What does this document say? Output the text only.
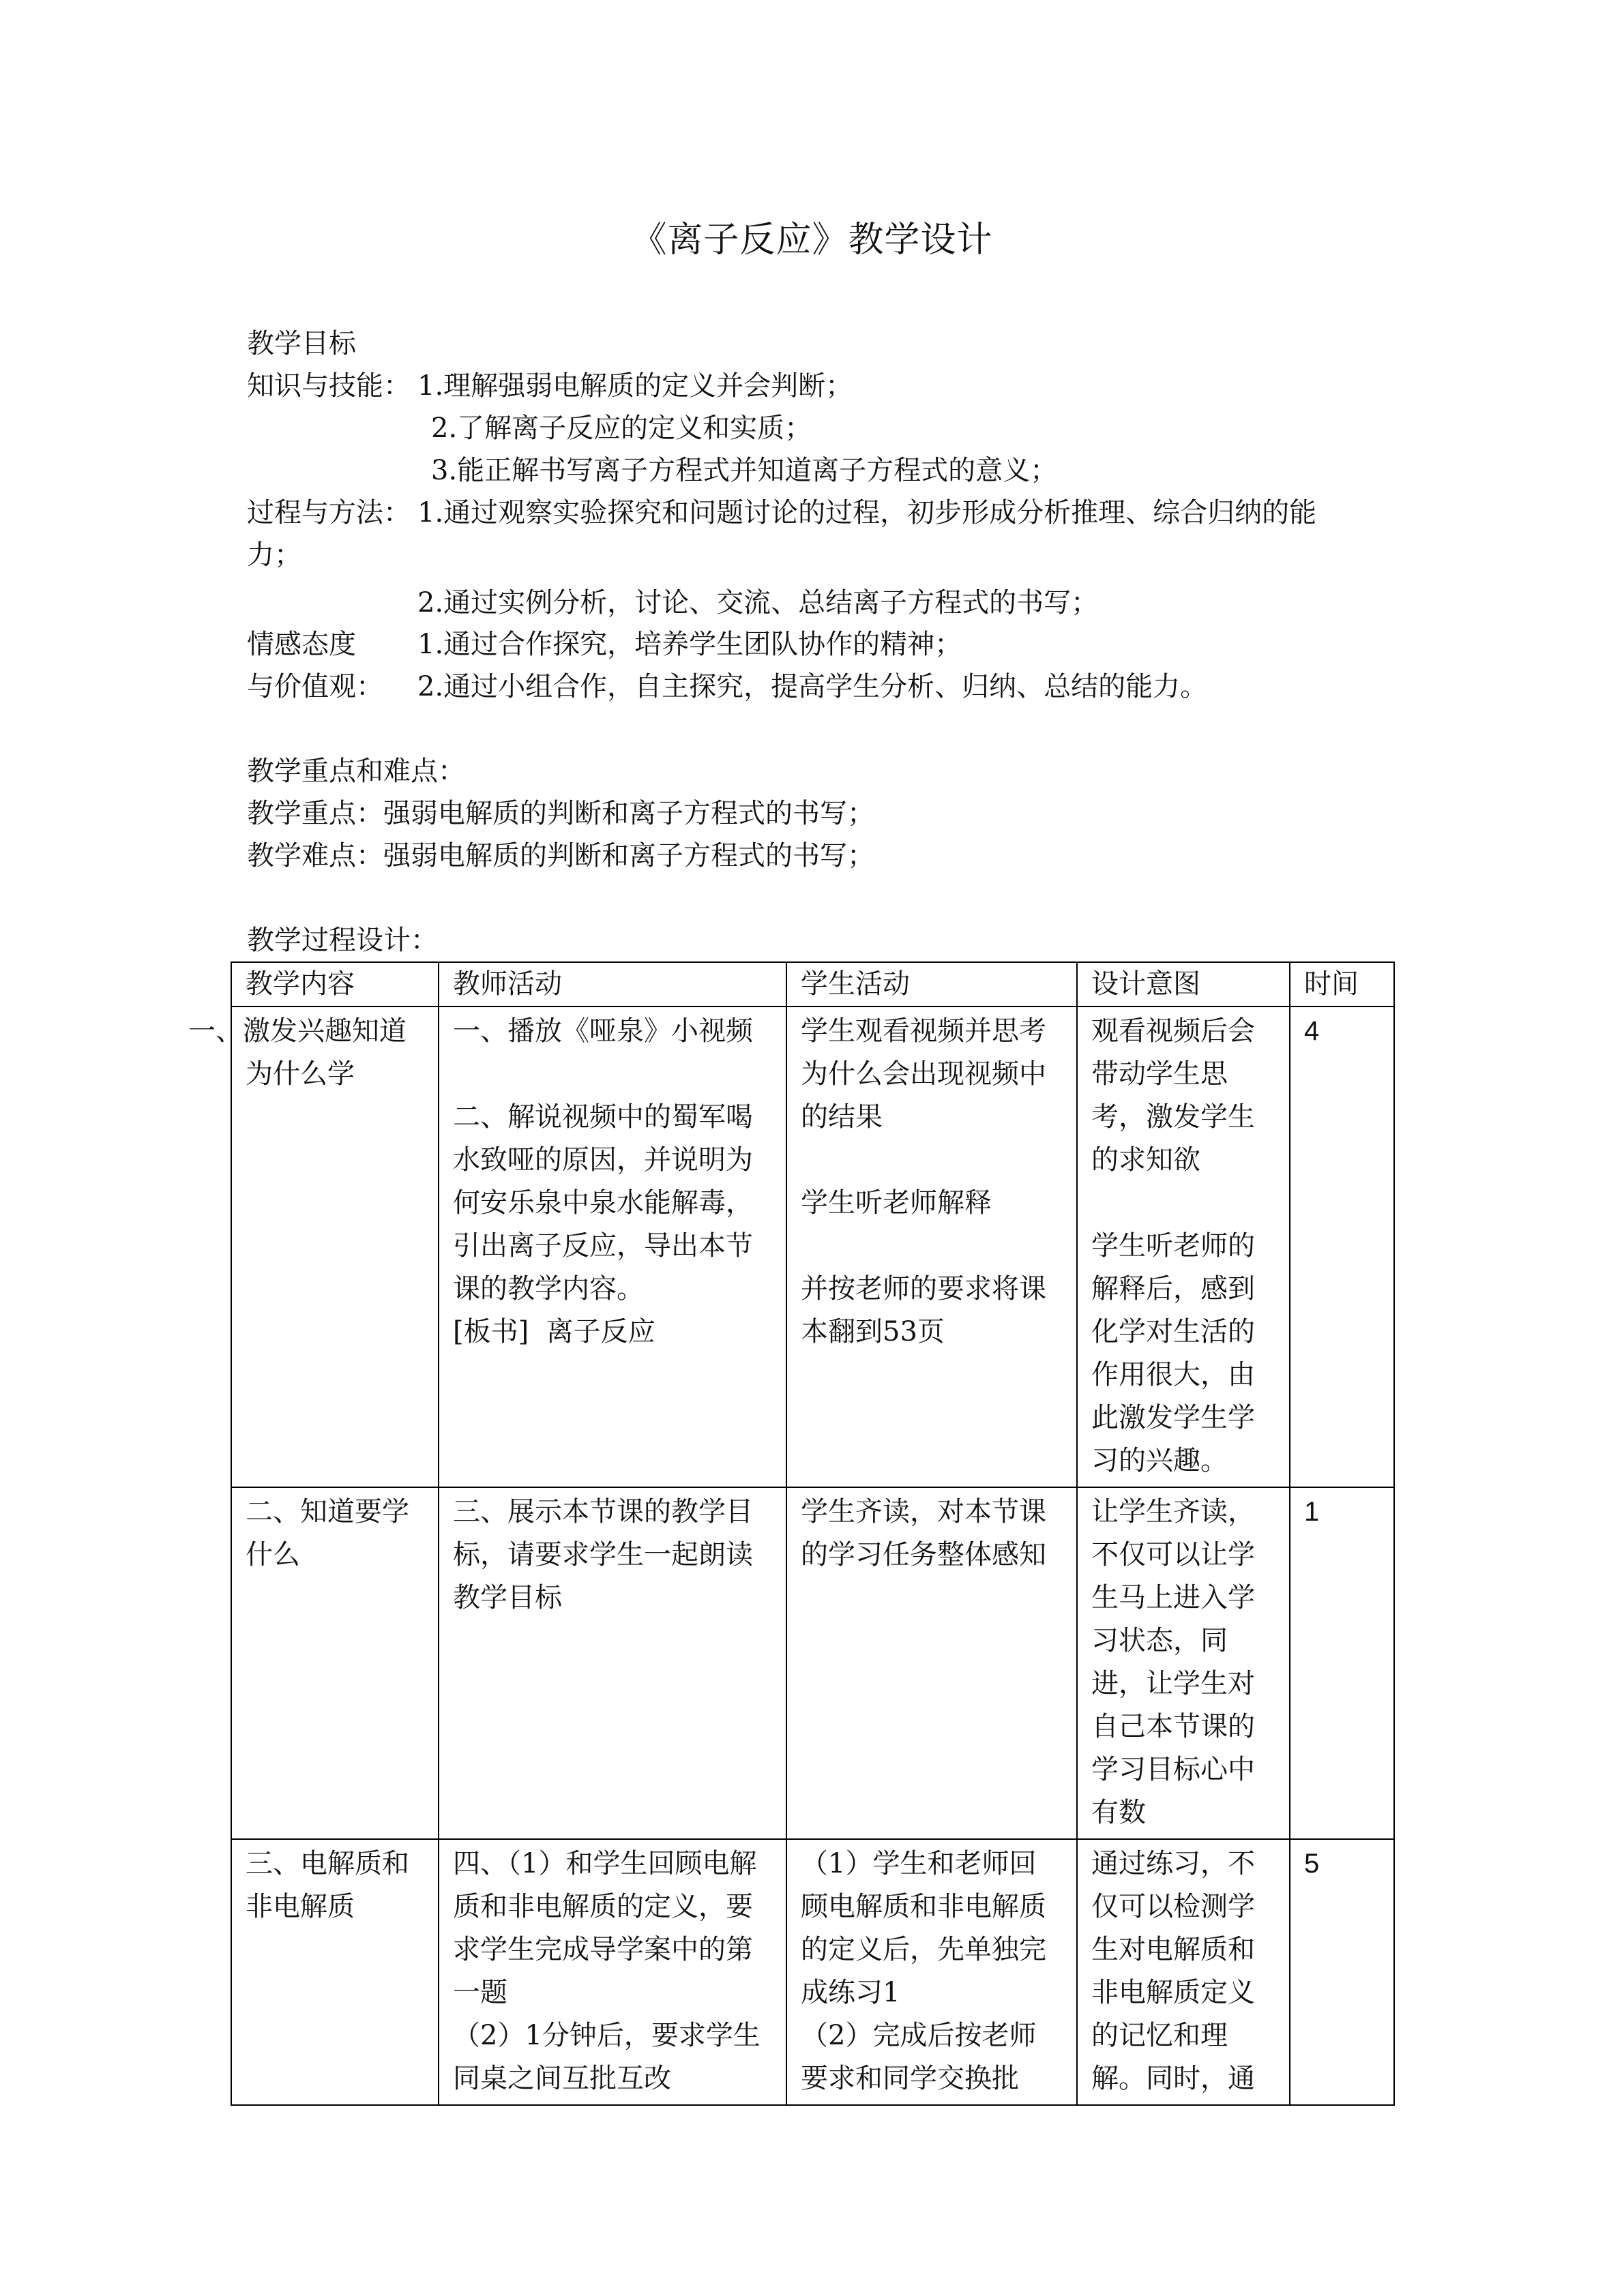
《离子反应》教学设计
教学目标
知识与技能： 1.理解强弱电解质的定义并会判断；
2.了解离子反应的定义和实质；
3.能正解书写离子方程式并知道离子方程式的意义；
过程与方法： 1.通过观察实验探究和问题讨论的过程，初步形成分析推理、综合归纳的能
力；
2.通过实例分析，讨论、交流、总结离子方程式的书写；
情感态度 1.通过合作探究，培养学生团队协作的精神；
与价值观： 2.通过小组合作，自主探究，提高学生分析、归纳、总结的能力。
教学重点和难点：
教学重点：强弱电解质的判断和离子方程式的书写；
教学难点：强弱电解质的判断和离子方程式的书写；
教学过程设计：
教学内容	教师活动	学生活动	设计意图	时间
一、激发兴趣知道为什么学	一、播放《哑泉》小视频

二、解说视频中的蜀军喝水致哑的原因，并说明为何安乐泉中泉水能解毒，引出离子反应，导出本节课的教学内容。
[板书]  离子反应	学生观看视频并思考为什么会出现视频中的结果

学生听老师解释

并按老师的要求将课本翻到53页	观看视频后会带动学生思考，激发学生的求知欲

学生听老师的解释后，感到化学对生活的作用很大，由此激发学生学习的兴趣。	4
二、知道要学什么	三、展示本节课的教学目标，请要求学生一起朗读教学目标	学生齐读，对本节课的学习任务整体感知	让学生齐读，不仅可以让学生马上进入学习状态，同进，让学生对自己本节课的学习目标心中有数	1
三、电解质和非电解质	四、（1）和学生回顾电解质和非电解质的定义，要求学生完成导学案中的第一题
（2）1分钟后，要求学生同桌之间互批互改	（1）学生和老师回顾电解质和非电解质的定义后，先单独完成练习1
（2）完成后按老师要求和同学交换批	通过练习，不仅可以检测学生对电解质和非电解质定义的记忆和理解。同时，通	5
